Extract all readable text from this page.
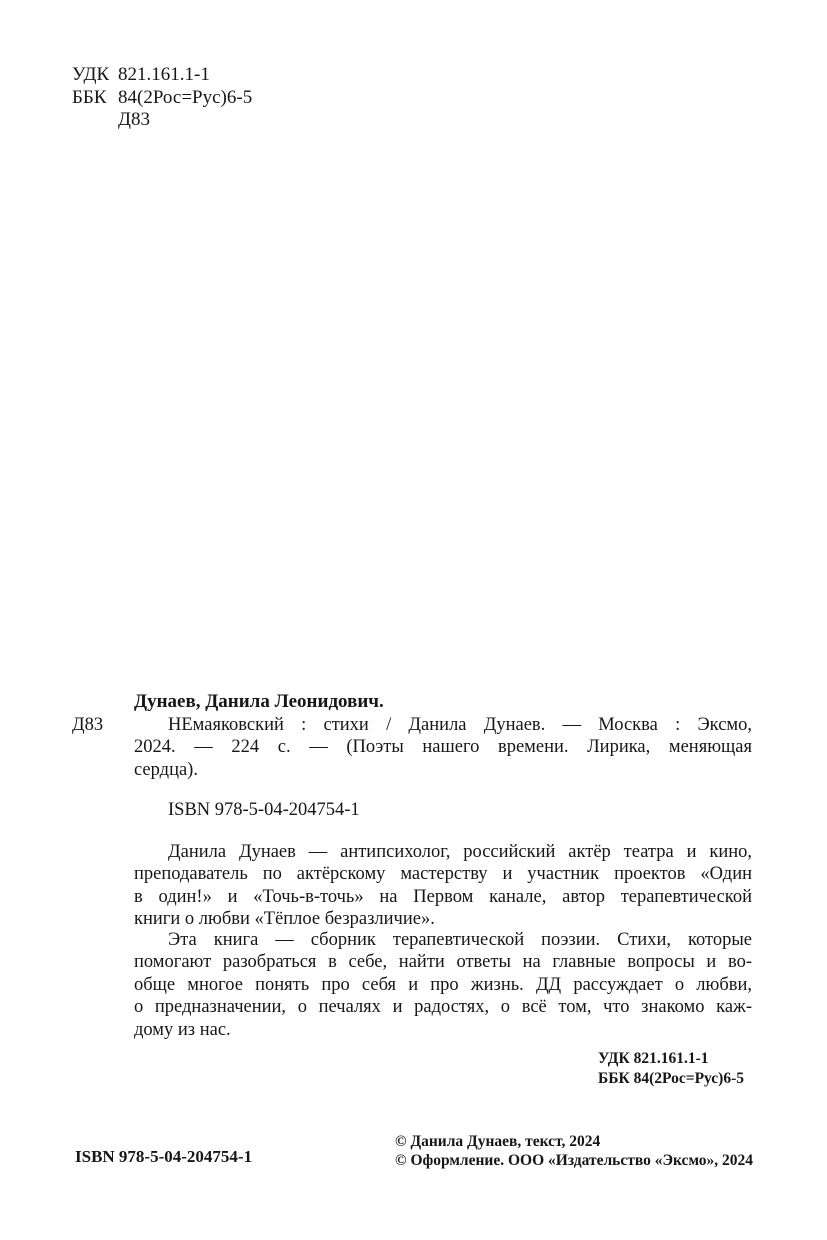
УДК 821.161.1-1
ББК 84(2Рос=Рус)6-5
Д83
Дунаев, Данила Леонидович.
Д83	НЕмаяковский : стихи / Данила Дунаев. — Москва : Эксмо,
2024. — 224 с. — (Поэты нашего времени. Лирика, меняющая
сердца).
ISBN 978-5-04-204754-1
Данила Дунаев — антипсихолог, российский актёр театра и кино,
преподаватель по актёрскому мастерству и участник проектов «Один
в один!» и «Точь-в-точь» на Первом канале, автор терапевтической
книги о любви «Тёплое безразличие».
Эта книга — сборник терапевтической поэзии. Стихи, которые
помогают разобраться в себе, найти ответы на главные вопросы и во-
обще многое понять про себя и про жизнь. ДД рассуждает о любви,
о предназначении, о печалях и радостях, о всё том, что знакомо каж-
дому из нас.
УДК 821.161.1-1
ББК 84(2Рос=Рус)6-5
© Данила Дунаев, текст, 2024
© Оформление. ООО «Издательство «Эксмо», 2024
ISBN 978-5-04-204754-1
